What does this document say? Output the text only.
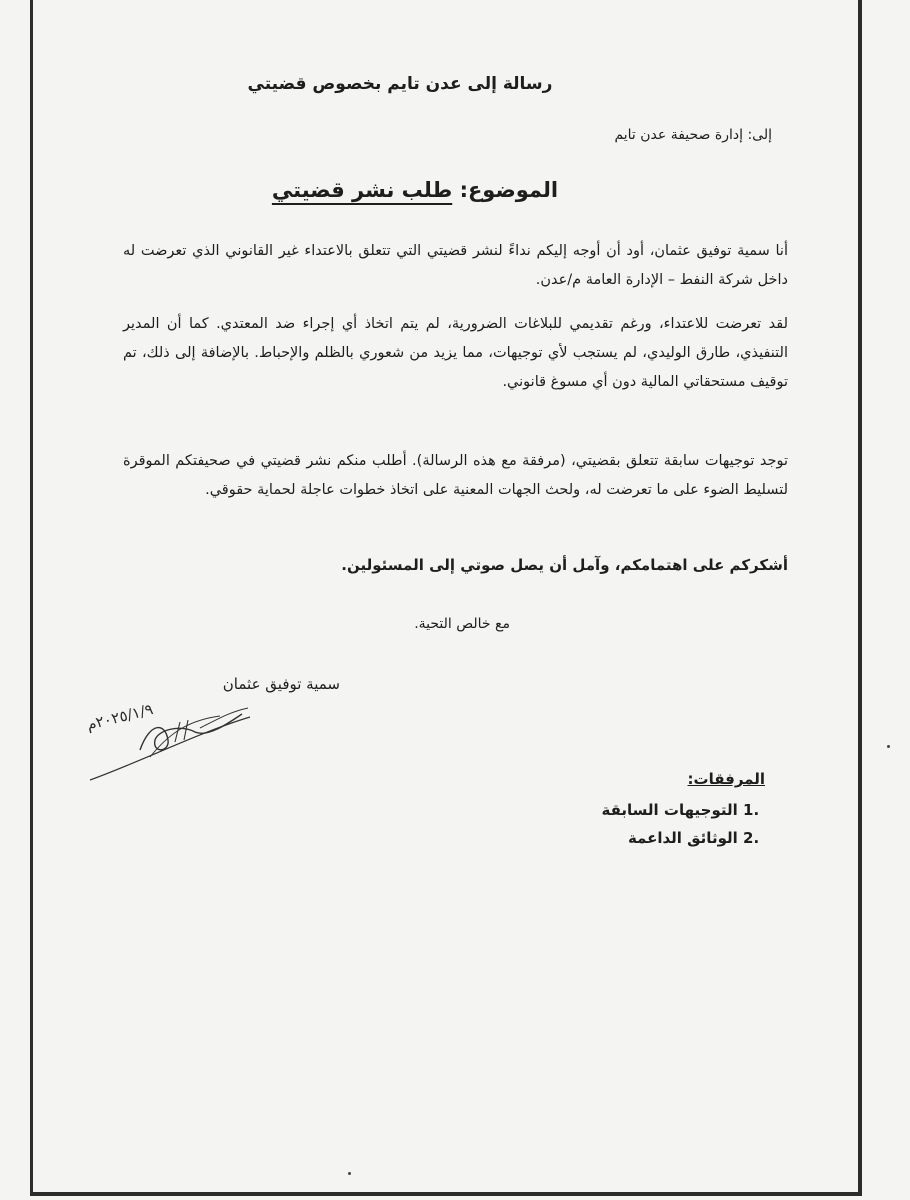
رسالة إلى عدن تايم بخصوص قضيتي
إلى: إدارة صحيفة عدن تايم
الموضوع: طلب نشر قضيتي
أنا سمية توفيق عثمان، أود أن أوجه إليكم نداءً لنشر قضيتي التي تتعلق بالاعتداء غير القانوني الذي تعرضت له داخل شركة النفط – الإدارة العامة م/عدن.
لقد تعرضت للاعتداء، ورغم تقديمي للبلاغات الضرورية، لم يتم اتخاذ أي إجراء ضد المعتدي. كما أن المدير التنفيذي، طارق الوليدي، لم يستجب لأي توجيهات، مما يزيد من شعوري بالظلم والإحباط. بالإضافة إلى ذلك، تم توقيف مستحقاتي المالية دون أي مسوغ قانوني.
توجد توجيهات سابقة تتعلق بقضيتي، (مرفقة مع هذه الرسالة). أطلب منكم نشر قضيتي في صحيفتكم الموقرة لتسليط الضوء على ما تعرضت له، ولحث الجهات المعنية على اتخاذ خطوات عاجلة لحماية حقوقي.
أشكركم على اهتمامكم، وآمل أن يصل صوتي إلى المسئولين.
مع خالص التحية.
سمية توفيق عثمان
المرفقات:
.1 التوجيهات السابقة
.2 الوثائق الداعمة
٢٠٢٥/١/٩م
